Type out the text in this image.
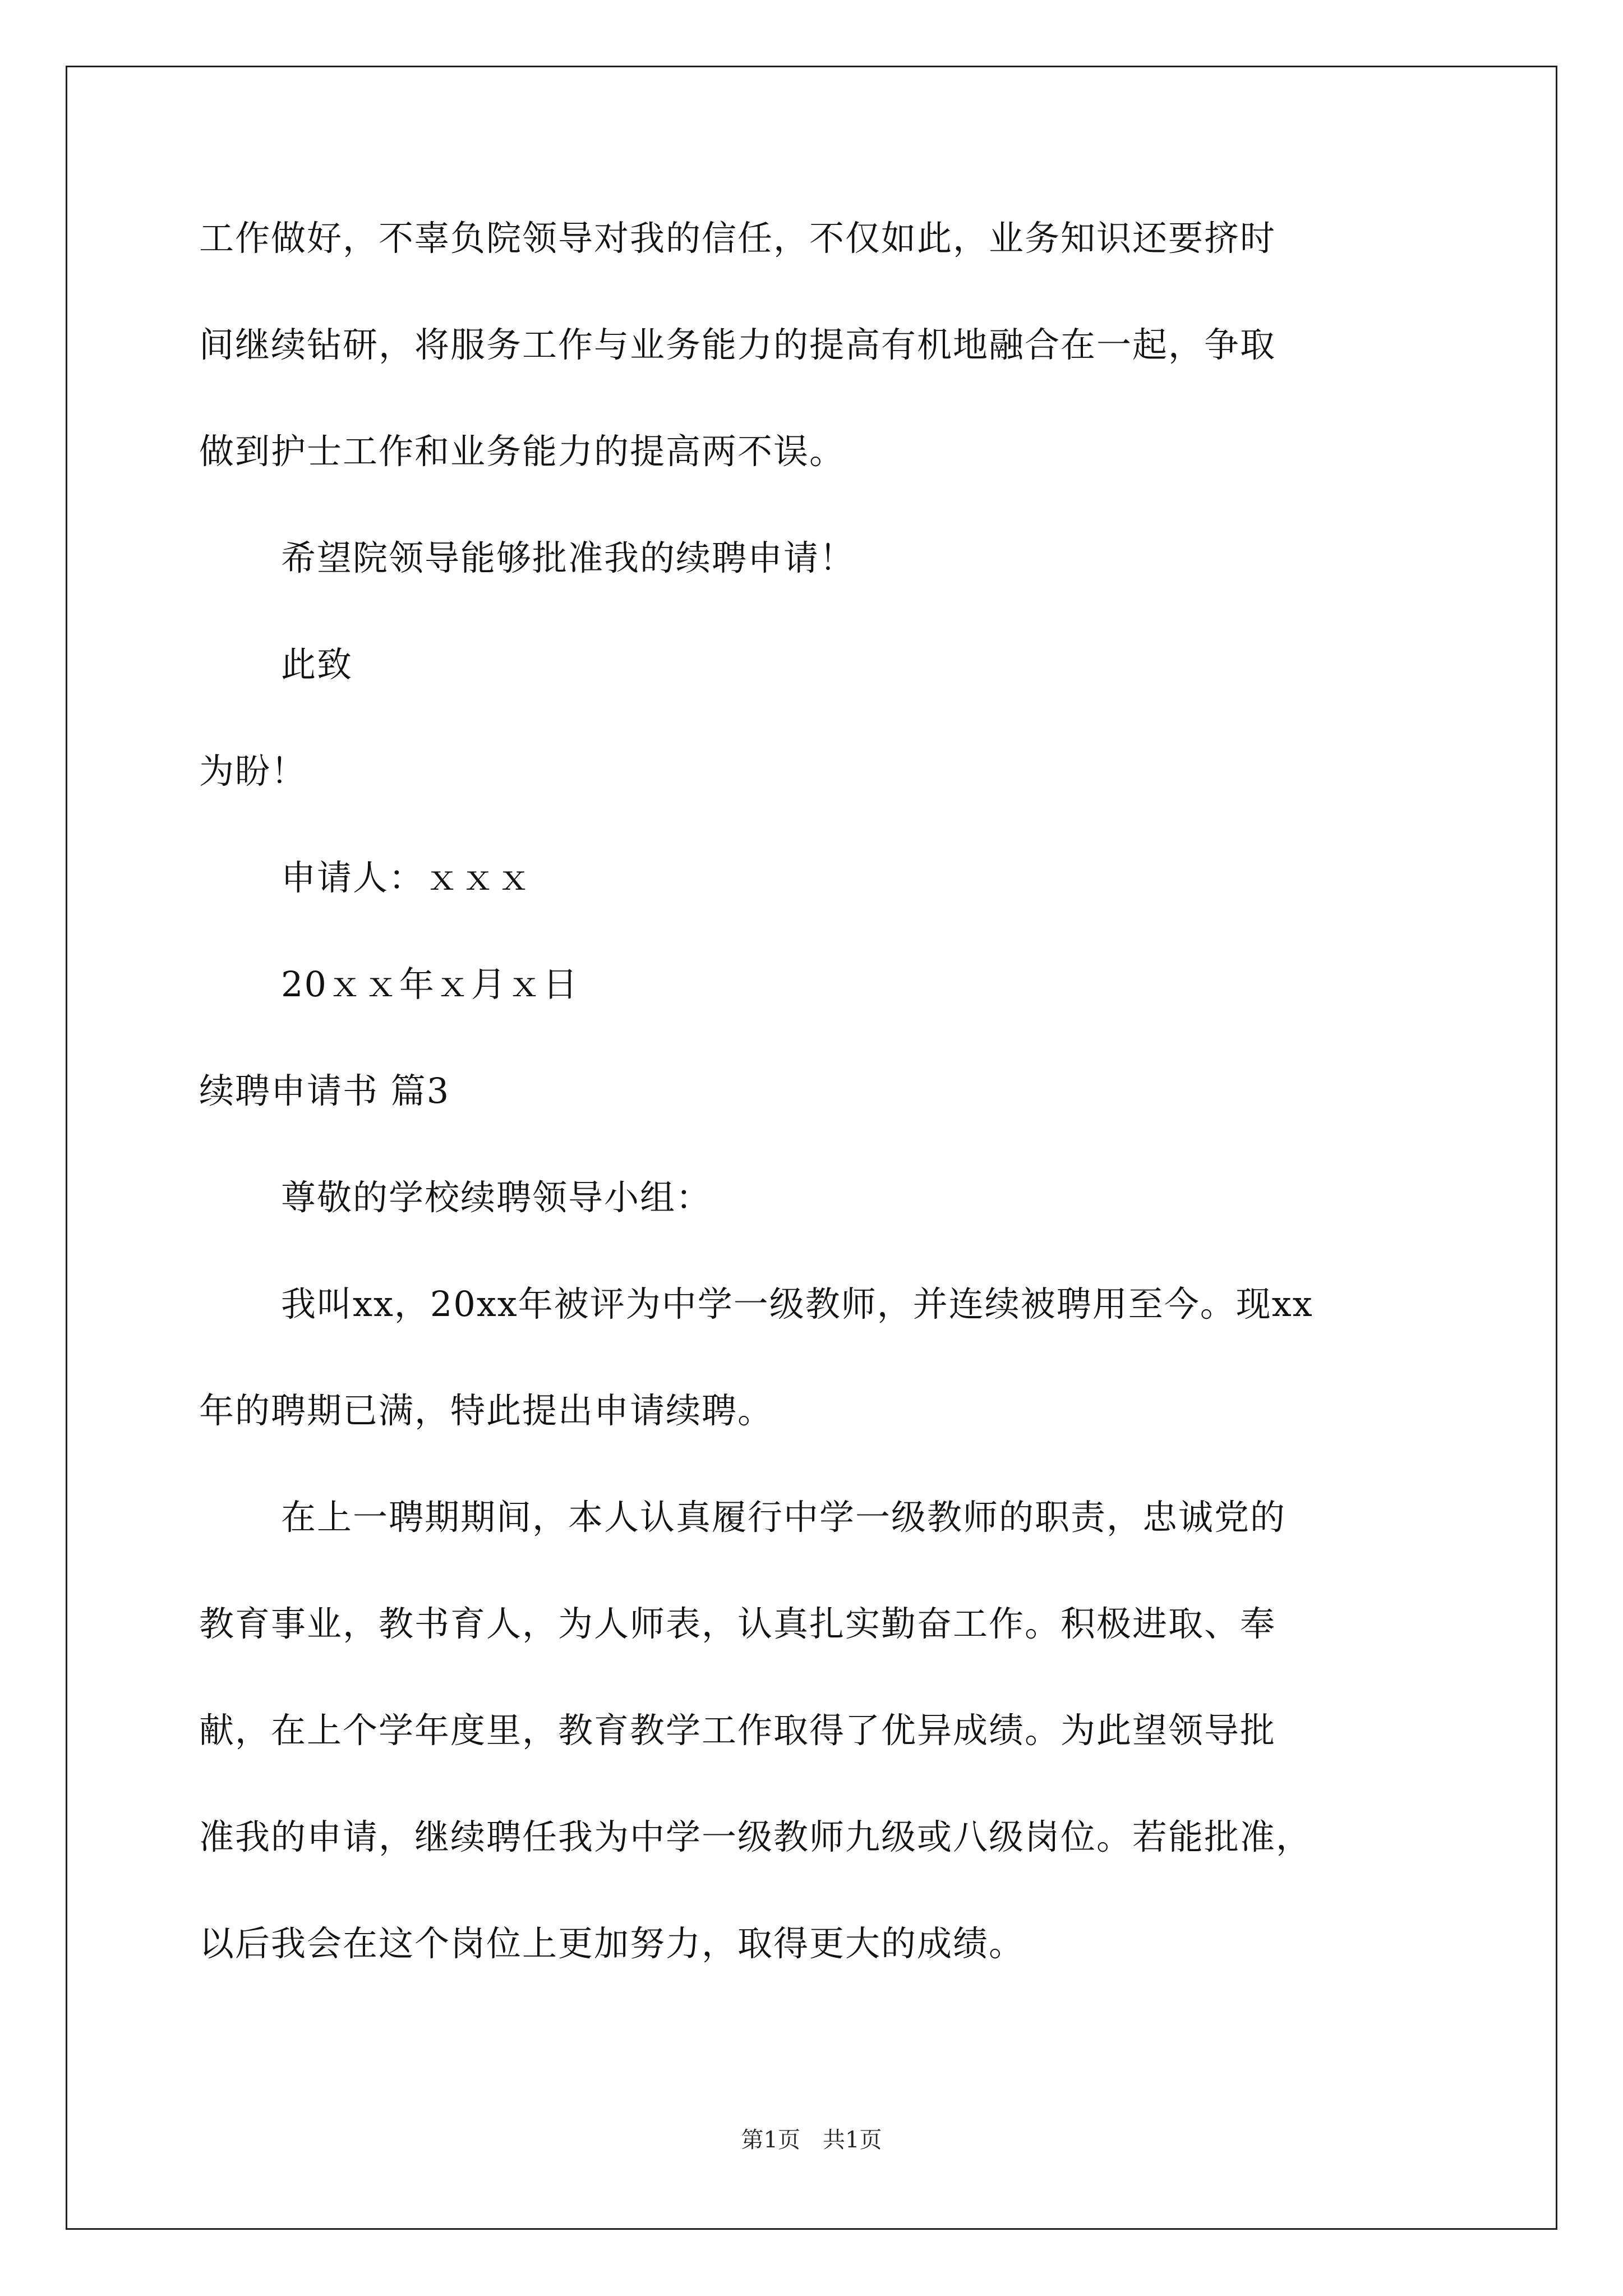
工作做好，不辜负院领导对我的信任，不仅如此，业务知识还要挤时
间继续钻研，将服务工作与业务能力的提高有机地融合在一起，争取
做到护士工作和业务能力的提高两不误。
希望院领导能够批准我的续聘申请！
此致
为盼！
申请人：ｘｘｘ
20ｘｘ年ｘ月ｘ日
续聘申请书 篇3
尊敬的学校续聘领导小组：
我叫xx，20xx年被评为中学一级教师，并连续被聘用至今。现xx
年的聘期已满，特此提出申请续聘。
在上一聘期期间，本人认真履行中学一级教师的职责，忠诚党的
教育事业，教书育人，为人师表，认真扎实勤奋工作。积极进取、奉
献，在上个学年度里，教育教学工作取得了优异成绩。为此望领导批
准我的申请，继续聘任我为中学一级教师九级或八级岗位。若能批准，
以后我会在这个岗位上更加努力，取得更大的成绩。
第1页　共1页
